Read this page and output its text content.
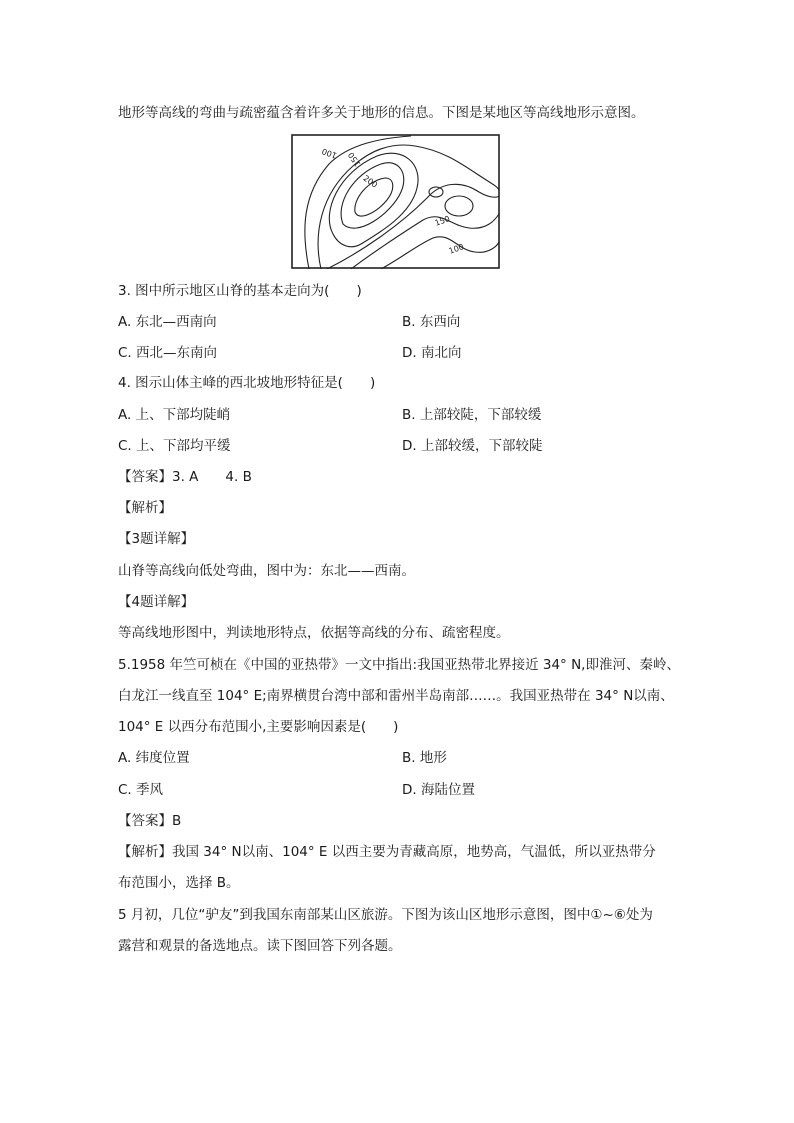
地形等高线的弯曲与疏密蕴含着许多关于地形的信息。下图是某地区等高线地形示意图。
100 150
200
150
100
3. 图中所示地区山脊的基本走向为(　　)
A. 东北—西南向	B. 东西向
C. 西北—东南向	D. 南北向
4. 图示山体主峰的西北坡地形特征是(　　)
A. 上、下部均陡峭	B. 上部较陡，下部较缓
C. 上、下部均平缓	D. 上部较缓，下部较陡
【答案】3. A　　4. B
【解析】
【3题详解】
山脊等高线向低处弯曲，图中为：东北——西南。
【4题详解】
等高线地形图中，判读地形特点，依据等高线的分布、疏密程度。
5.1958 年竺可桢在《中国的亚热带》一文中指出:我国亚热带北界接近 34° N,即淮河、秦岭、
白龙江一线直至 104° E;南界横贯台湾中部和雷州半岛南部……。我国亚热带在 34° N以南、
104° E 以西分布范围小,主要影响因素是(　　)
A. 纬度位置	B. 地形
C. 季风	D. 海陆位置
【答案】B
【解析】我国 34° N以南、104° E 以西主要为青藏高原，地势高，气温低，所以亚热带分
布范围小，选择 B。
5 月初，几位“驴友”到我国东南部某山区旅游。下图为该山区地形示意图，图中①~⑥处为
露营和观景的备选地点。读下图回答下列各题。
